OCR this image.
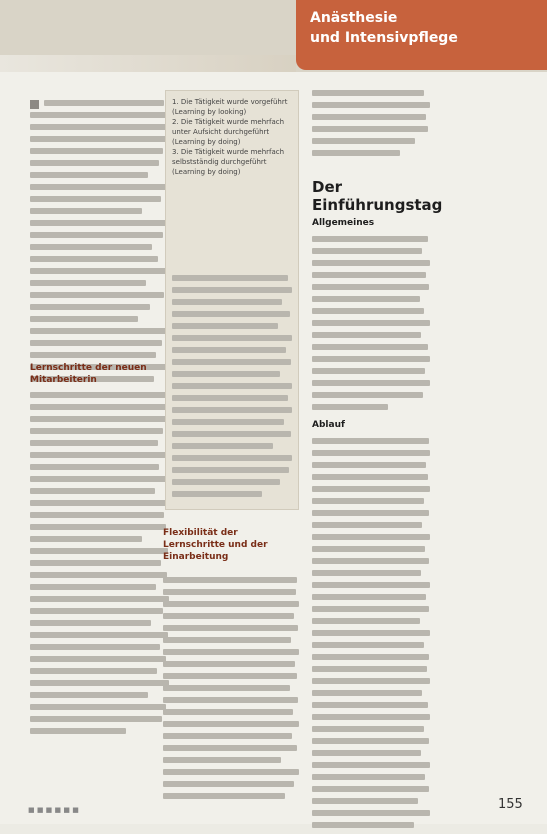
Anästhesie
und Intensivpflege
Lernschritte der neuen Mitarbeiterin
1. Die Tätigkeit wurde vorgeführt
(Learning by looking)
2. Die Tätigkeit wurde mehrfach unter Aufsicht durchgeführt
(Learning by doing)
3. Die Tätigkeit wurde mehrfach selbstständig durchgeführt
(Learning by doing)
Flexibilität der Lernschritte und der Einarbeitung
Der Einführungstag
Allgemeines
Ablauf
■ ■ ■ ■ ■ ■	155
